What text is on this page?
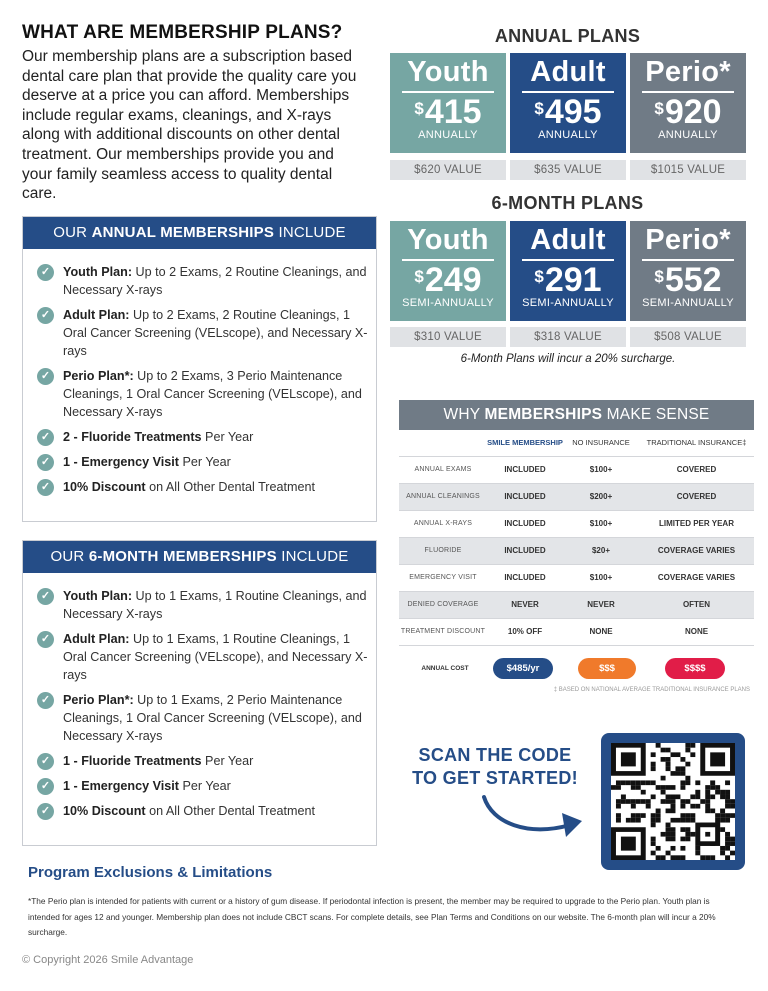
WHAT ARE MEMBERSHIP PLANS?

Our membership plans are a subscription based dental care plan that provide the quality care you deserve at a price you can afford. Memberships include regular exams, cleanings, and X-rays along with additional discounts on other dental treatment. Our memberships provide you and your family seamless access to quality dental care.

OUR ANNUAL MEMBERSHIPS INCLUDE
✓	Youth Plan: Up to 2 Exams, 2 Routine Cleanings, and Necessary X-rays
✓	Adult Plan: Up to 2 Exams, 2 Routine Cleanings, 1 Oral Cancer Screening (VELscope), and Necessary X-rays
✓	Perio Plan*: Up to 2 Exams, 3 Perio Maintenance Cleanings, 1 Oral Cancer Screening (VELscope), and Necessary X-rays
✓	2 - Fluoride Treatments Per Year
✓	1 - Emergency Visit Per Year
✓	10% Discount on All Other Dental Treatment
OUR 6-MONTH MEMBERSHIPS INCLUDE
✓	Youth Plan: Up to 1 Exams, 1 Routine Cleanings, and Necessary X-rays
✓	Adult Plan: Up to 1 Exams, 1 Routine Cleanings, 1 Oral Cancer Screening (VELscope), and Necessary X-rays
✓	Perio Plan*: Up to 1 Exams, 2 Perio Maintenance Cleanings, 1 Oral Cancer Screening (VELscope), and Necessary X-rays
✓	1 - Fluoride Treatments Per Year
✓	1 - Emergency Visit Per Year
✓	10% Discount on All Other Dental Treatment
ANNUAL PLANS
Youth
$415
ANNUALLY
Adult
$495
ANNUALLY
Perio*
$920
ANNUALLY
$620 VALUE	$635 VALUE	$1015 VALUE
6-MONTH PLANS
Youth
$249
SEMI-ANNUALLY
Adult
$291
SEMI-ANNUALLY
Perio*
$552
SEMI-ANNUALLY
$310 VALUE	$318 VALUE	$508 VALUE
6-Month Plans will incur a 20% surcharge.
WHY MEMBERSHIPS MAKE SENSE
	SMILE MEMBERSHIP	NO INSURANCE	TRADITIONAL INSURANCE‡
ANNUAL EXAMS	INCLUDED	$100+	COVERED
ANNUAL CLEANINGS	INCLUDED	$200+	COVERED
ANNUAL X-RAYS	INCLUDED	$100+	LIMITED PER YEAR
FLUORIDE	INCLUDED	$20+	COVERAGE VARIES
EMERGENCY VISIT	INCLUDED	$100+	COVERAGE VARIES
DENIED COVERAGE	NEVER	NEVER	OFTEN
TREATMENT DISCOUNT	10% OFF	NONE	NONE
ANNUAL COST	$485/yr	$$$	$$$$
‡ BASED ON NATIONAL AVERAGE TRADITIONAL INSURANCE PLANS
SCAN THE CODE
TO GET STARTED!
Program Exclusions & Limitations
*The Perio plan is intended for patients with current or a history of gum disease. If periodontal infection is present, the member may be required to upgrade to the Perio plan. Youth plan is intended for ages 12 and younger. Membership plan does not include CBCT scans. For complete details, see Plan Terms and Conditions on our website. The 6-month plan will incur a 20% surcharge.
© Copyright 2026 Smile Advantage
